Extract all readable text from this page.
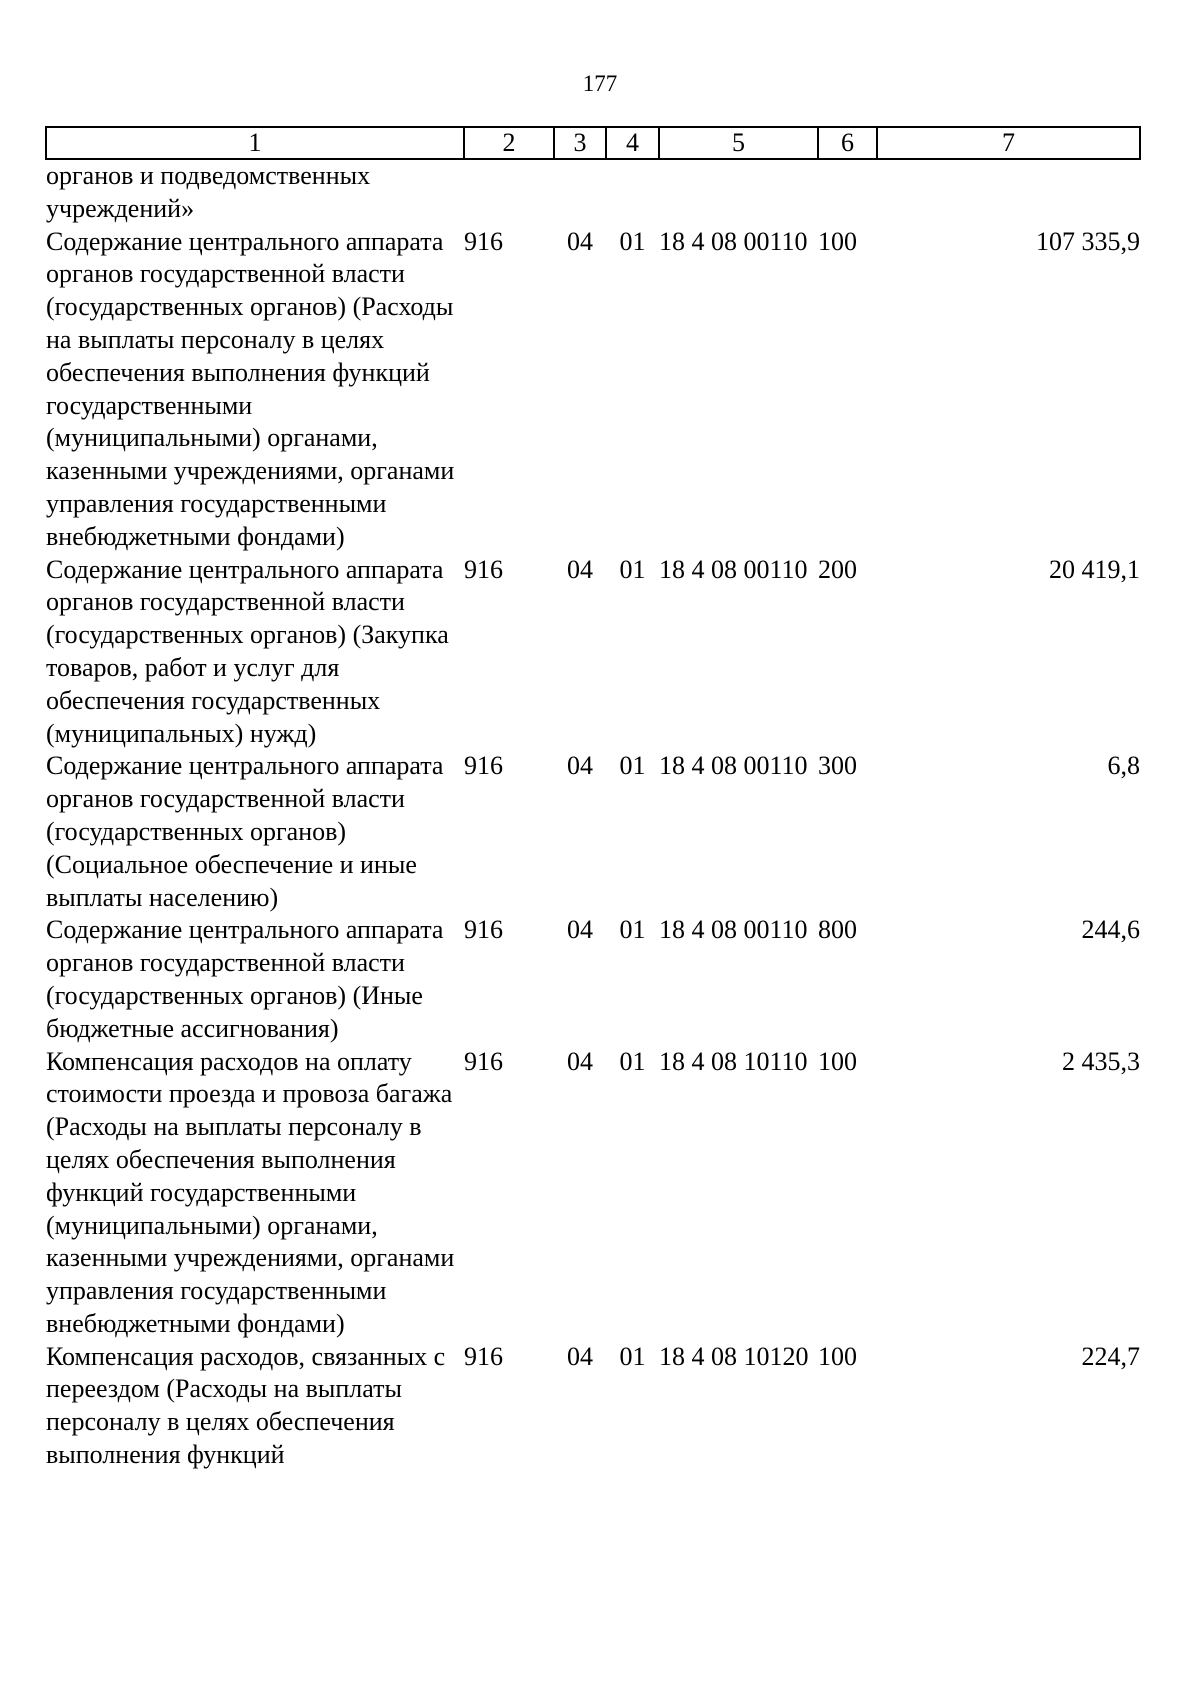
177
1	2	3	4	5	6	7
органов и подведомственных учреждений»						
Содержание центрального аппарата органов государственной власти (государственных органов) (Расходы на выплаты персоналу в целях обеспечения выполнения функций государственными (муниципальными) органами, казенными учреждениями, органами управления государственными внебюджетными фондами)	916	04	01	18 4 08 00110	100	107 335,9
Содержание центрального аппарата органов государственной власти (государственных органов) (Закупка товаров, работ и услуг для обеспечения государственных (муниципальных) нужд)	916	04	01	18 4 08 00110	200	20 419,1
Содержание центрального аппарата органов государственной власти (государственных органов) (Социальное обеспечение и иные выплаты населению)	916	04	01	18 4 08 00110	300	6,8
Содержание центрального аппарата органов государственной власти (государственных органов) (Иные бюджетные ассигнования)	916	04	01	18 4 08 00110	800	244,6
Компенсация расходов на оплату стоимости проезда и провоза багажа (Расходы на выплаты персоналу в целях обеспечения выполнения функций государственными (муниципальными) органами, казенными учреждениями, органами управления государственными внебюджетными фондами)	916	04	01	18 4 08 10110	100	2 435,3
Компенсация расходов, связанных с переездом (Расходы на выплаты персоналу в целях обеспечения выполнения функций	916	04	01	18 4 08 10120	100	224,7
